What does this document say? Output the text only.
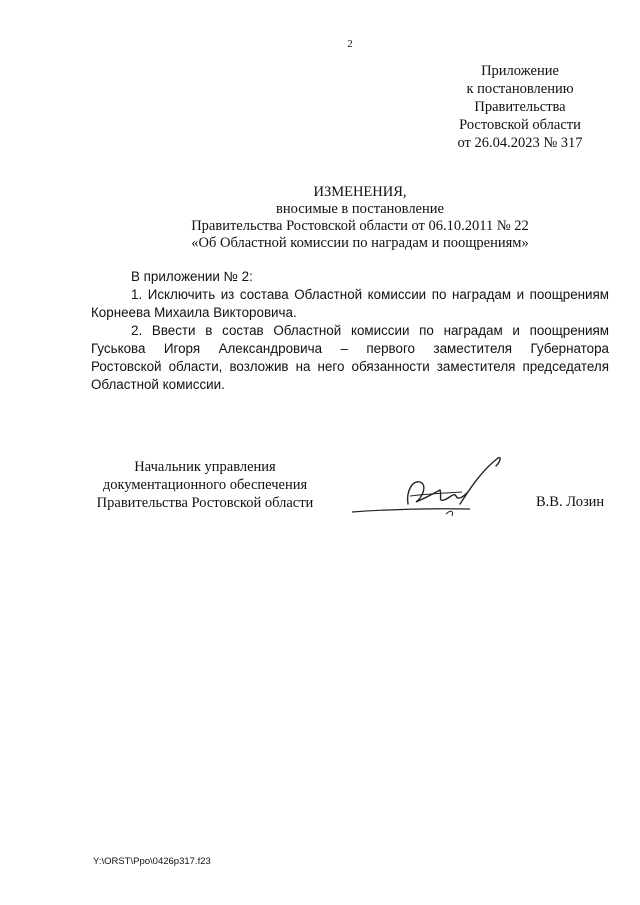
2
Приложение
к постановлению
Правительства
Ростовской области
от 26.04.2023 № 317
ИЗМЕНЕНИЯ,
вносимые в постановление
Правительства Ростовской области от 06.10.2011 № 22
«Об Областной комиссии по наградам и поощрениям»

В приложении № 2:

1. Исключить из состава Областной комиссии по наградам и поощрениям

Корнеева Михаила Викторовича.

2. Ввести в состав Областной комиссии по наградам и поощрениям

Гуськова Игоря Александровича – первого заместителя Губернатора

Ростовской области, возложив на него обязанности заместителя председателя

Областной комиссии.

Начальник управления
документационного обеспечения
Правительства Ростовской области	В.В. Лозин
Y:\ORST\Ppo\0426p317.f23
